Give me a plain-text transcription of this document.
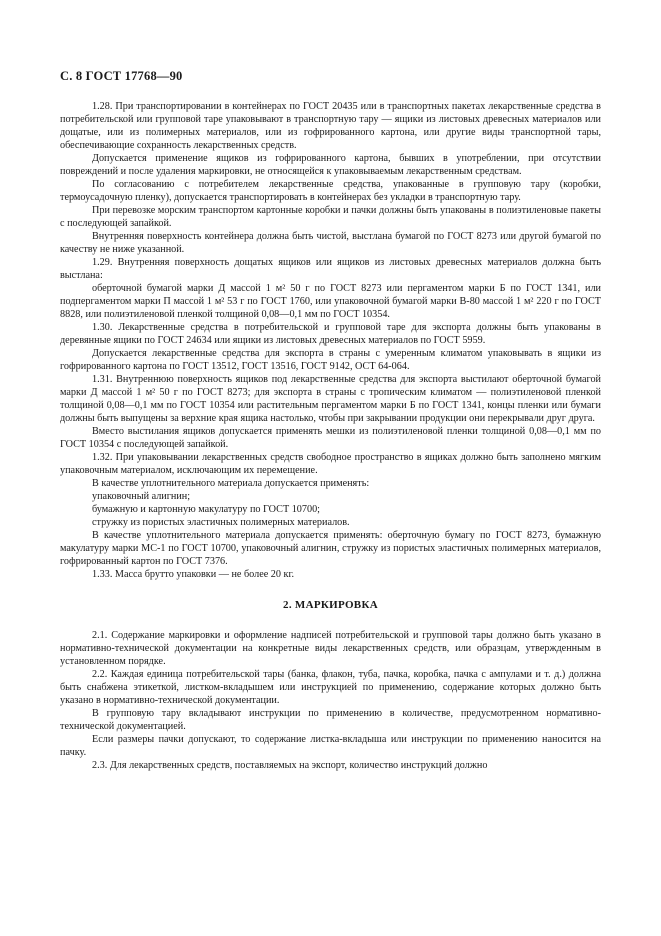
С. 8 ГОСТ 17768—90

1.28. При транспортировании в контейнерах по ГОСТ 20435 или в транспортных пакетах лекарственные средства в потребительской или групповой таре упаковывают в транспортную тару — ящики из листовых древесных материалов или дощатые, или из полимерных материалов, или из гофрированного картона, или другие виды транспортной тары, обеспечивающие сохранность лекарственных средств.

Допускается применение ящиков из гофрированного картона, бывших в употреблении, при отсутствии повреждений и после удаления маркировки, не относящейся к упаковываемым лекарственным средствам.

По согласованию с потребителем лекарственные средства, упакованные в групповую тару (коробки, термоусадочную пленку), допускается транспортировать в контейнерах без укладки в транспортную тару.

При перевозке морским транспортом картонные коробки и пачки должны быть упакованы в полиэтиленовые пакеты с последующей запайкой.

Внутренняя поверхность контейнера должна быть чистой, выстлана бумагой по ГОСТ 8273 или другой бумагой по качеству не ниже указанной.

1.29. Внутренняя поверхность дощатых ящиков или ящиков из листовых древесных материалов должна быть выстлана:

оберточной бумагой марки Д массой 1 м² 50 г по ГОСТ 8273 или пергаментом марки Б по ГОСТ 1341, или подпергаментом марки П массой 1 м² 53 г по ГОСТ 1760, или упаковочной бумагой марки В-80 массой 1 м² 220 г по ГОСТ 8828, или полиэтиленовой пленкой толщиной 0,08—0,1 мм по ГОСТ 10354.

1.30. Лекарственные средства в потребительской и групповой таре для экспорта должны быть упакованы в деревянные ящики по ГОСТ 24634 или ящики из листовых древесных материалов по ГОСТ 5959.

Допускается лекарственные средства для экспорта в страны с умеренным климатом упаковывать в ящики из гофрированного картона по ГОСТ 13512, ГОСТ 13516, ГОСТ 9142, ОСТ 64-064.

1.31. Внутреннюю поверхность ящиков под лекарственные средства для экспорта выстилают оберточной бумагой марки Д массой 1 м² 50 г по ГОСТ 8273; для экспорта в страны с тропическим климатом — полиэтиленовой пленкой толщиной 0,08—0,1 мм по ГОСТ 10354 или растительным пергаментом марки Б по ГОСТ 1341, концы пленки или бумаги должны быть выпущены за верхние края ящика настолько, чтобы при закрывании продукции они перекрывали друг друга.

Вместо выстилания ящиков допускается применять мешки из полиэтиленовой пленки толщиной 0,08—0,1 мм по ГОСТ 10354 с последующей запайкой.

1.32. При упаковывании лекарственных средств свободное пространство в ящиках должно быть заполнено мягким упаковочным материалом, исключающим их перемещение.

В качестве уплотнительного материала допускается применять:

упаковочный алигнин;

бумажную и картонную макулатуру по ГОСТ 10700;

стружку из пористых эластичных полимерных материалов.

В качестве уплотнительного материала допускается применять: оберточную бумагу по ГОСТ 8273, бумажную макулатуру марки МС-1 по ГОСТ 10700, упаковочный алигнин, стружку из пористых эластичных полимерных материалов, гофрированный картон по ГОСТ 7376.

1.33. Масса брутто упаковки — не более 20 кг.

2. МАРКИРОВКА

2.1. Содержание маркировки и оформление надписей потребительской и групповой тары должно быть указано в нормативно-технической документации на конкретные виды лекарственных средств, или образцам, утвержденным в установленном порядке.

2.2. Каждая единица потребительской тары (банка, флакон, туба, пачка, коробка, пачка с ампулами и т. д.) должна быть снабжена этикеткой, листком-вкладышем или инструкцией по применению, содержание которых должно быть указано в нормативно-технической документации.

В групповую тару вкладывают инструкции по применению в количестве, предусмотренном нормативно-технической документацией.

Если размеры пачки допускают, то содержание листка-вкладыша или инструкции по применению наносится на пачку.

2.3. Для лекарственных средств, поставляемых на экспорт, количество инструкций должно
